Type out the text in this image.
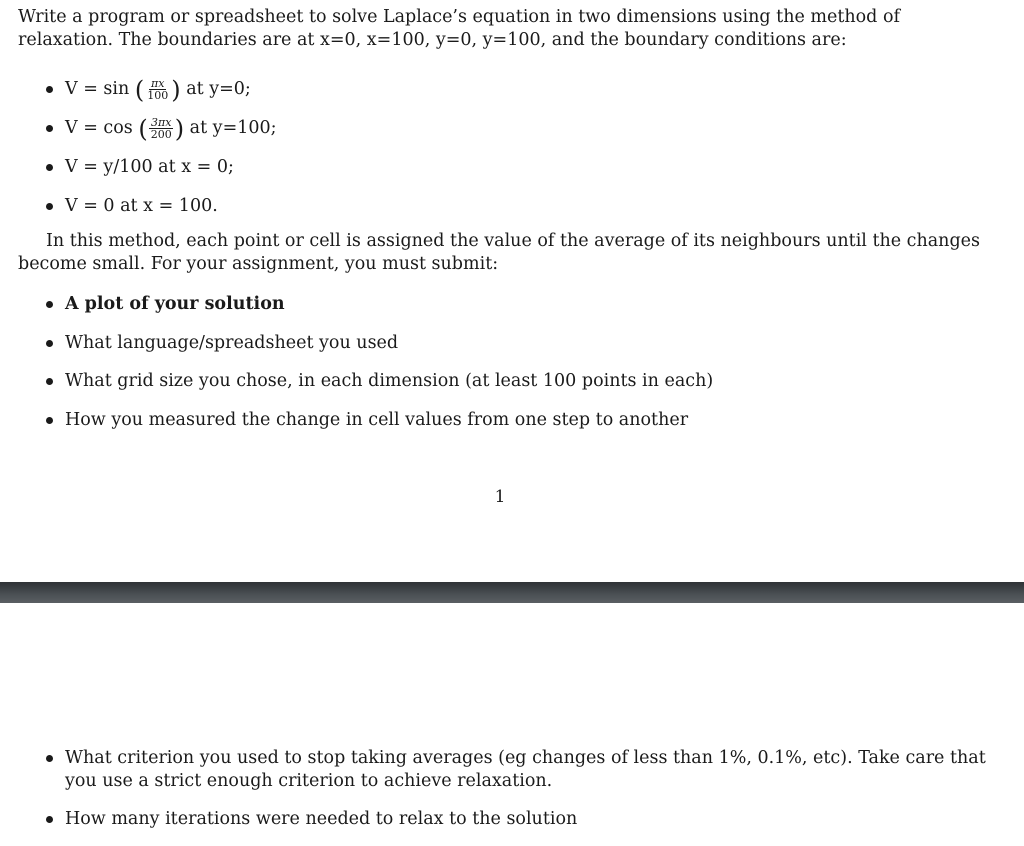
Write a program or spreadsheet to solve Laplace’s equation in two dimensions using the method of relaxation. The boundaries are at x=0, x=100, y=0, y=100, and the boundary conditions are:
V = sin
( $\frac{\pi x}{100}$ )
at y=0;
V = cos
( $\frac{3\pi x}{200}$ )
at y=100;
V = y/100 at x = 0;
V = 0 at x = 100.
In this method, each point or cell is assigned the value of the average of its neighbours until the changes become small. For your assignment, you must submit:
A plot of your solution
What language/spreadsheet you used
What grid size you chose, in each dimension (at least 100 points in each)
How you measured the change in cell values from one step to another
1
What criterion you used to stop taking averages (eg changes of less than 1%, 0.1%, etc). Take care that you use a strict enough criterion to achieve relaxation.
How many iterations were needed to relax to the solution
